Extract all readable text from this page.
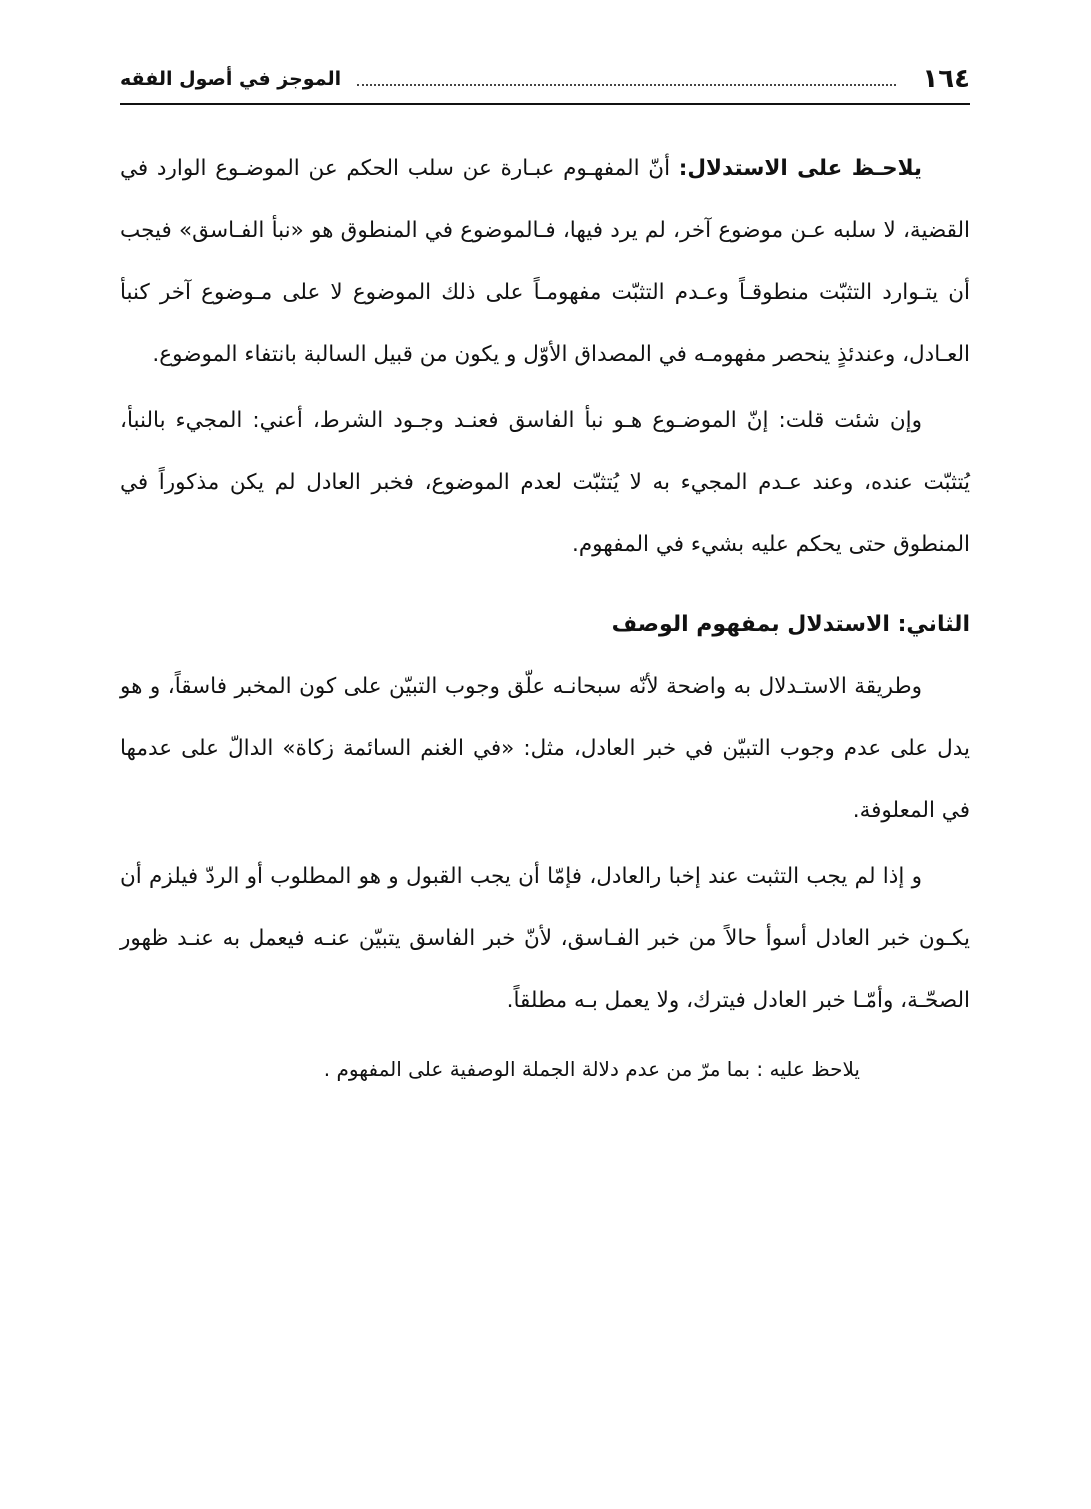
١٦٤
الموجز في أصول الفقه

يلاحـظ على الاستدلال: أنّ المفهـوم عبـارة عن سلب الحكم عن الموضـوع الوارد في القضية، لا سلبه عـن موضوع آخر، لم يرد فيها، فـالموضوع في المنطوق هو «نبأ الفـاسق» فيجب أن يتـوارد التثبّت منطوقـاً وعـدم التثبّت مفهومـاً على ذلك الموضوع لا على مـوضوع آخر كنبأ العـادل، وعندئذٍ ينحصر مفهومـه في المصداق الأوّل و يكون من قبيل السالبة بانتفاء الموضوع.

وإن شئت قلت: إنّ الموضـوع هـو نبأ الفاسق فعنـد وجـود الشرط، أعني: المجيء بالنبأ، يُتثبّت عنده، وعند عـدم المجيء به لا يُتثبّت لعدم الموضوع، فخبر العادل لم يكن مذكوراً في المنطوق حتى يحكم عليه بشيء في المفهوم.

الثاني: الاستدلال بمفهوم الوصف

وطريقة الاستـدلال به واضحة لأنّه سبحانـه علّق وجوب التبيّن على كون المخبر فاسقاً، و هو يدل على عدم وجوب التبيّن في خبر العادل، مثل: «في الغنم السائمة زكاة» الدالّ على عدمها في المعلوفة.

و إذا لم يجب التثبت عند إخبا رالعادل، فإمّا أن يجب القبول و هو المطلوب أو الردّ فيلزم أن يكـون خبر العادل أسوأ حالاً من خبر الفـاسق، لأنّ خبر الفاسق يتبيّن عنـه فيعمل به عنـد ظهور الصحّـة، وأمّـا خبر العادل فيترك، ولا يعمل بـه مطلقاً.

يلاحظ عليه : بما مرّ من عدم دلالة الجملة الوصفية على المفهوم .
